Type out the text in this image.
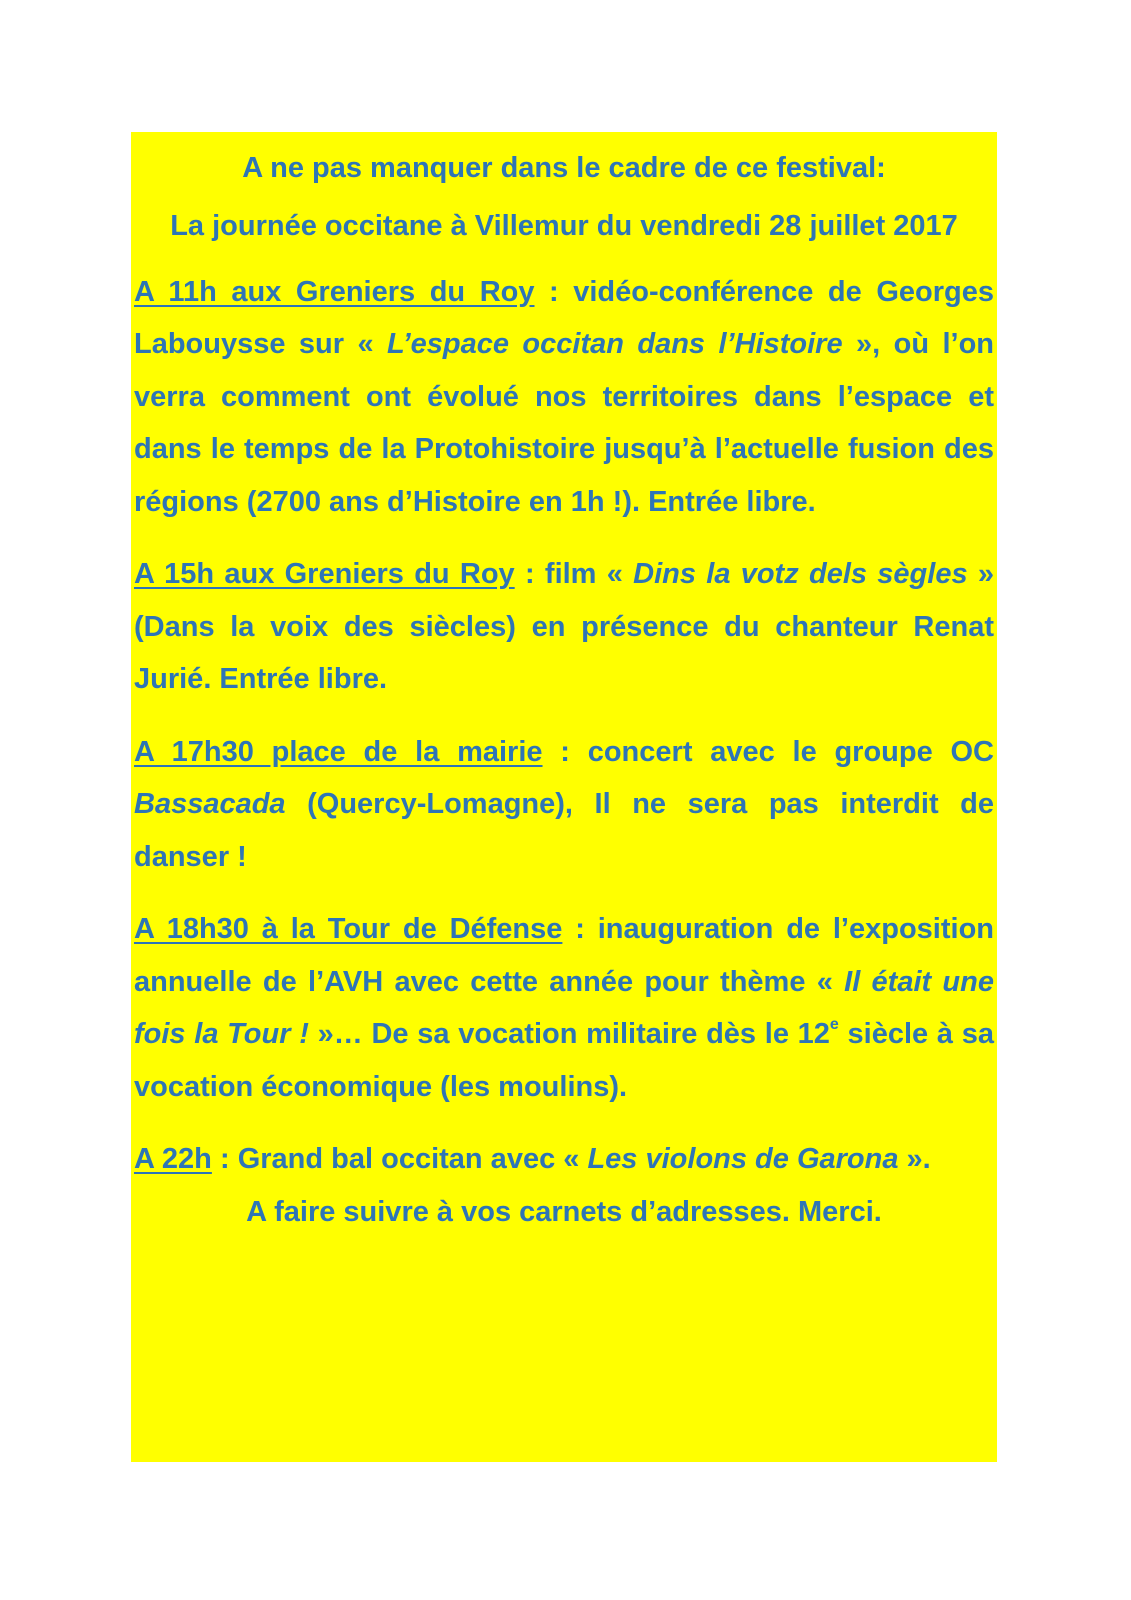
A ne pas manquer dans le cadre de ce festival:

La journée occitane à Villemur du vendredi 28 juillet 2017

A 11h aux Greniers du Roy : vidéo-conférence de Georges Labouysse sur « L’espace occitan dans l’Histoire », où l’on verra comment ont évolué nos territoires dans l’espace et dans le temps de la Protohistoire jusqu’à l’actuelle fusion des régions (2700 ans d’Histoire en 1h !). Entrée libre.

A 15h aux Greniers du Roy : film « Dins la votz dels sègles » (Dans la voix des siècles) en présence du chanteur Renat Jurié. Entrée libre.

A 17h30 place de la mairie : concert avec le groupe OC Bassacada (Quercy-Lomagne), Il ne sera pas interdit de danser !

A 18h30 à la Tour de Défense : inauguration de l’exposition annuelle de l’AVH avec cette année pour thème « Il était une fois la Tour ! »… De sa vocation militaire dès le 12e siècle à sa vocation économique (les moulins).

A 22h : Grand bal occitan avec « Les violons de Garona ».

A faire suivre à vos carnets d’adresses. Merci.
